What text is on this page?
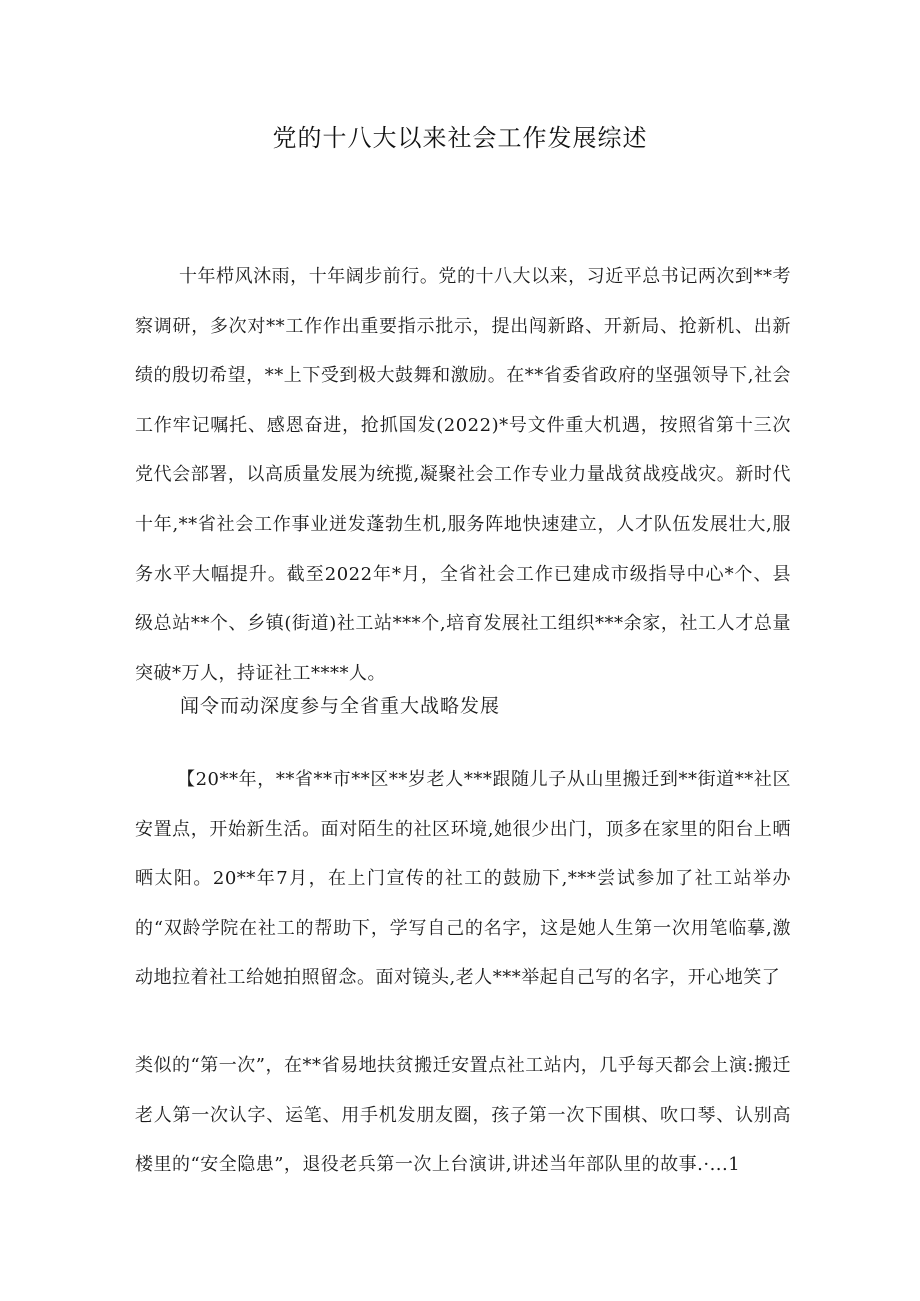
党的十八大以来社会工作发展综述
十年栉风沐雨，十年阔步前行。党的十八大以来，习近平总书记两次到**考察调研，多次对**工作作出重要指示批示，提出闯新路、开新局、抢新机、出新绩的殷切希望，**上下受到极大鼓舞和激励。在**省委省政府的坚强领导下,社会工作牢记嘱托、感恩奋进，抢抓国发(2022)*号文件重大机遇，按照省第十三次党代会部署，以高质量发展为统揽,凝聚社会工作专业力量战贫战疫战灾。新时代十年,**省社会工作事业迸发蓬勃生机,服务阵地快速建立，人才队伍发展壮大,服务水平大幅提升。截至2022年*月，全省社会工作已建成市级指导中心*个、县级总站**个、乡镇(街道)社工站***个,培育发展社工组织***余家，社工人才总量突破*万人，持证社工****人。
闻令而动深度参与全省重大战略发展
【20**年，**省**市**区**岁老人***跟随儿子从山里搬迁到**街道**社区安置点，开始新生活。面对陌生的社区环境,她很少出门，顶多在家里的阳台上晒晒太阳。20**年7月，在上门宣传的社工的鼓励下,***尝试参加了社工站举办的“双龄学院在社工的帮助下，学写自己的名字，这是她人生第一次用笔临摹,激动地拉着社工给她拍照留念。面对镜头,老人***举起自己写的名字，开心地笑了
类似的“第一次”，在**省易地扶贫搬迁安置点社工站内，几乎每天都会上演:搬迁老人第一次认字、运笔、用手机发朋友圈，孩子第一次下围棋、吹口琴、认别高楼里的“安全隐患”，退役老兵第一次上台演讲,讲述当年部队里的故事.·...1
